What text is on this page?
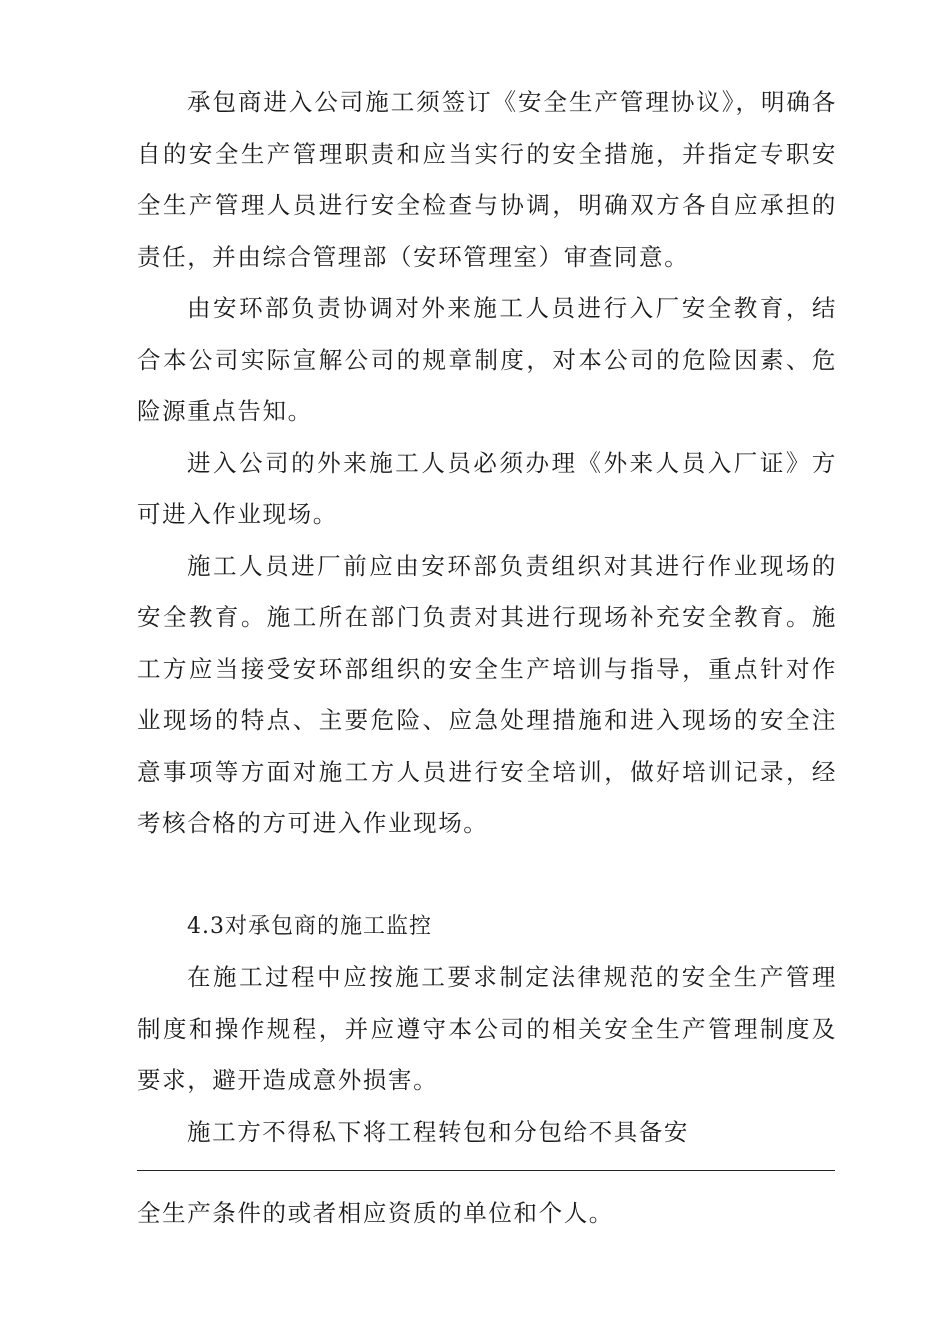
承包商进入公司施工须签订《安全生产管理协议》，明确各自的安全生产管理职责和应当实行的安全措施，并指定专职安全生产管理人员进行安全检查与协调，明确双方各自应承担的责任，并由综合管理部（安环管理室）审查同意。

由安环部负责协调对外来施工人员进行入厂安全教育，结合本公司实际宣解公司的规章制度，对本公司的危险因素、危险源重点告知。

进入公司的外来施工人员必须办理《外来人员入厂证》方可进入作业现场。

施工人员进厂前应由安环部负责组织对其进行作业现场的安全教育。施工所在部门负责对其进行现场补充安全教育。施工方应当接受安环部组织的安全生产培训与指导，重点针对作业现场的特点、主要危险、应急处理措施和进入现场的安全注意事项等方面对施工方人员进行安全培训，做好培训记录，经考核合格的方可进入作业现场。

4.3对承包商的施工监控

在施工过程中应按施工要求制定法律规范的安全生产管理制度和操作规程，并应遵守本公司的相关安全生产管理制度及要求，避开造成意外损害。

施工方不得私下将工程转包和分包给不具备安

全生产条件的或者相应资质的单位和个人。
